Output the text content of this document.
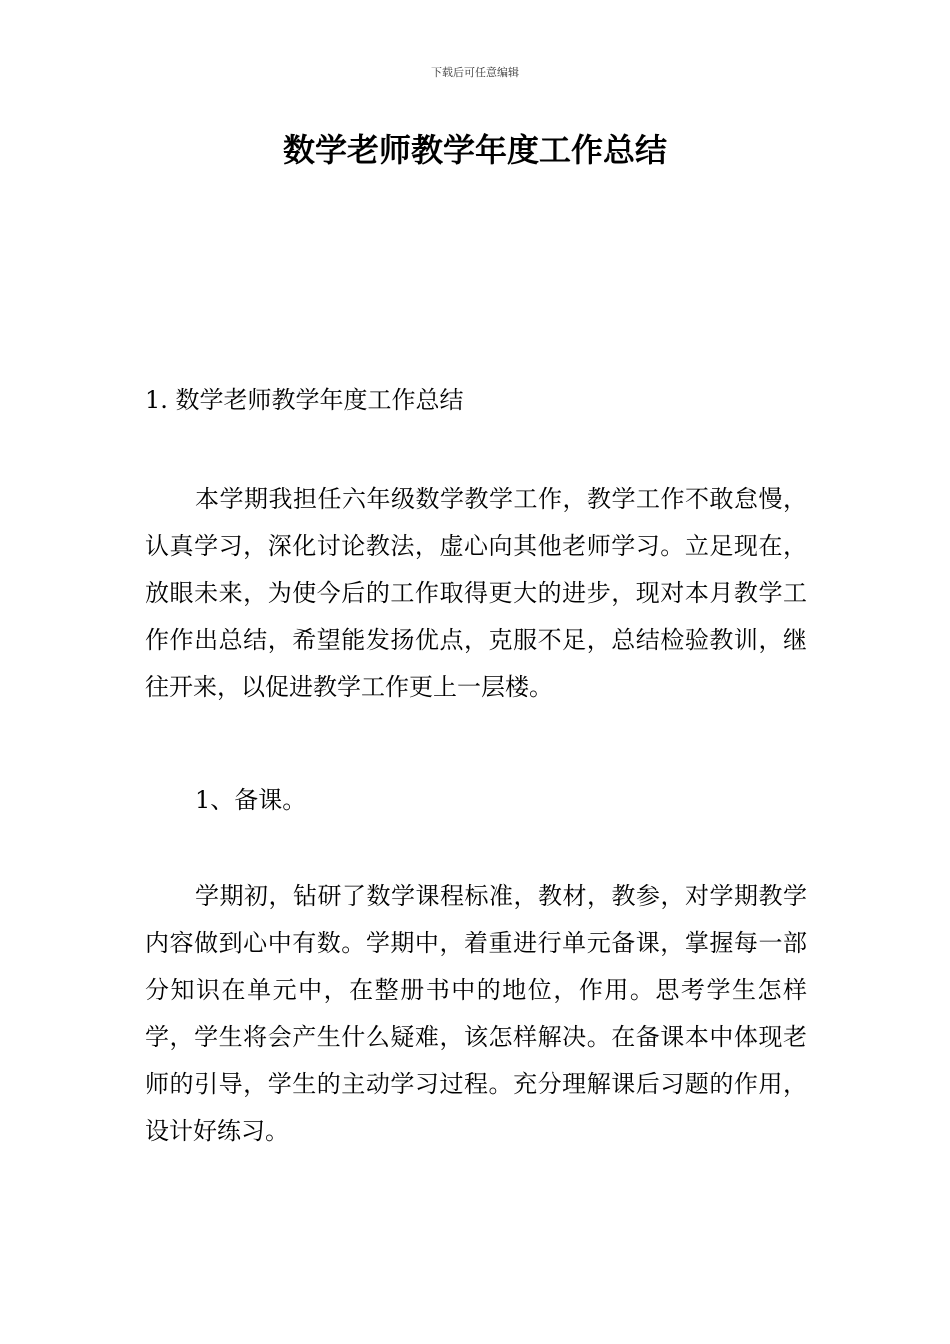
下载后可任意编辑
数学老师教学年度工作总结

1. 数学老师教学年度工作总结

本学期我担任六年级数学教学工作，教学工作不敢怠慢，认真学习，深化讨论教法，虚心向其他老师学习。立足现在，放眼未来，为使今后的工作取得更大的进步，现对本月教学工作作出总结，希望能发扬优点，克服不足，总结检验教训，继往开来，以促进教学工作更上一层楼。

1、备课。

学期初，钻研了数学课程标准，教材，教参，对学期教学内容做到心中有数。学期中，着重进行单元备课，掌握每一部分知识在单元中，在整册书中的地位，作用。思考学生怎样学，学生将会产生什么疑难，该怎样解决。在备课本中体现老师的引导，学生的主动学习过程。充分理解课后习题的作用，设计好练习。
